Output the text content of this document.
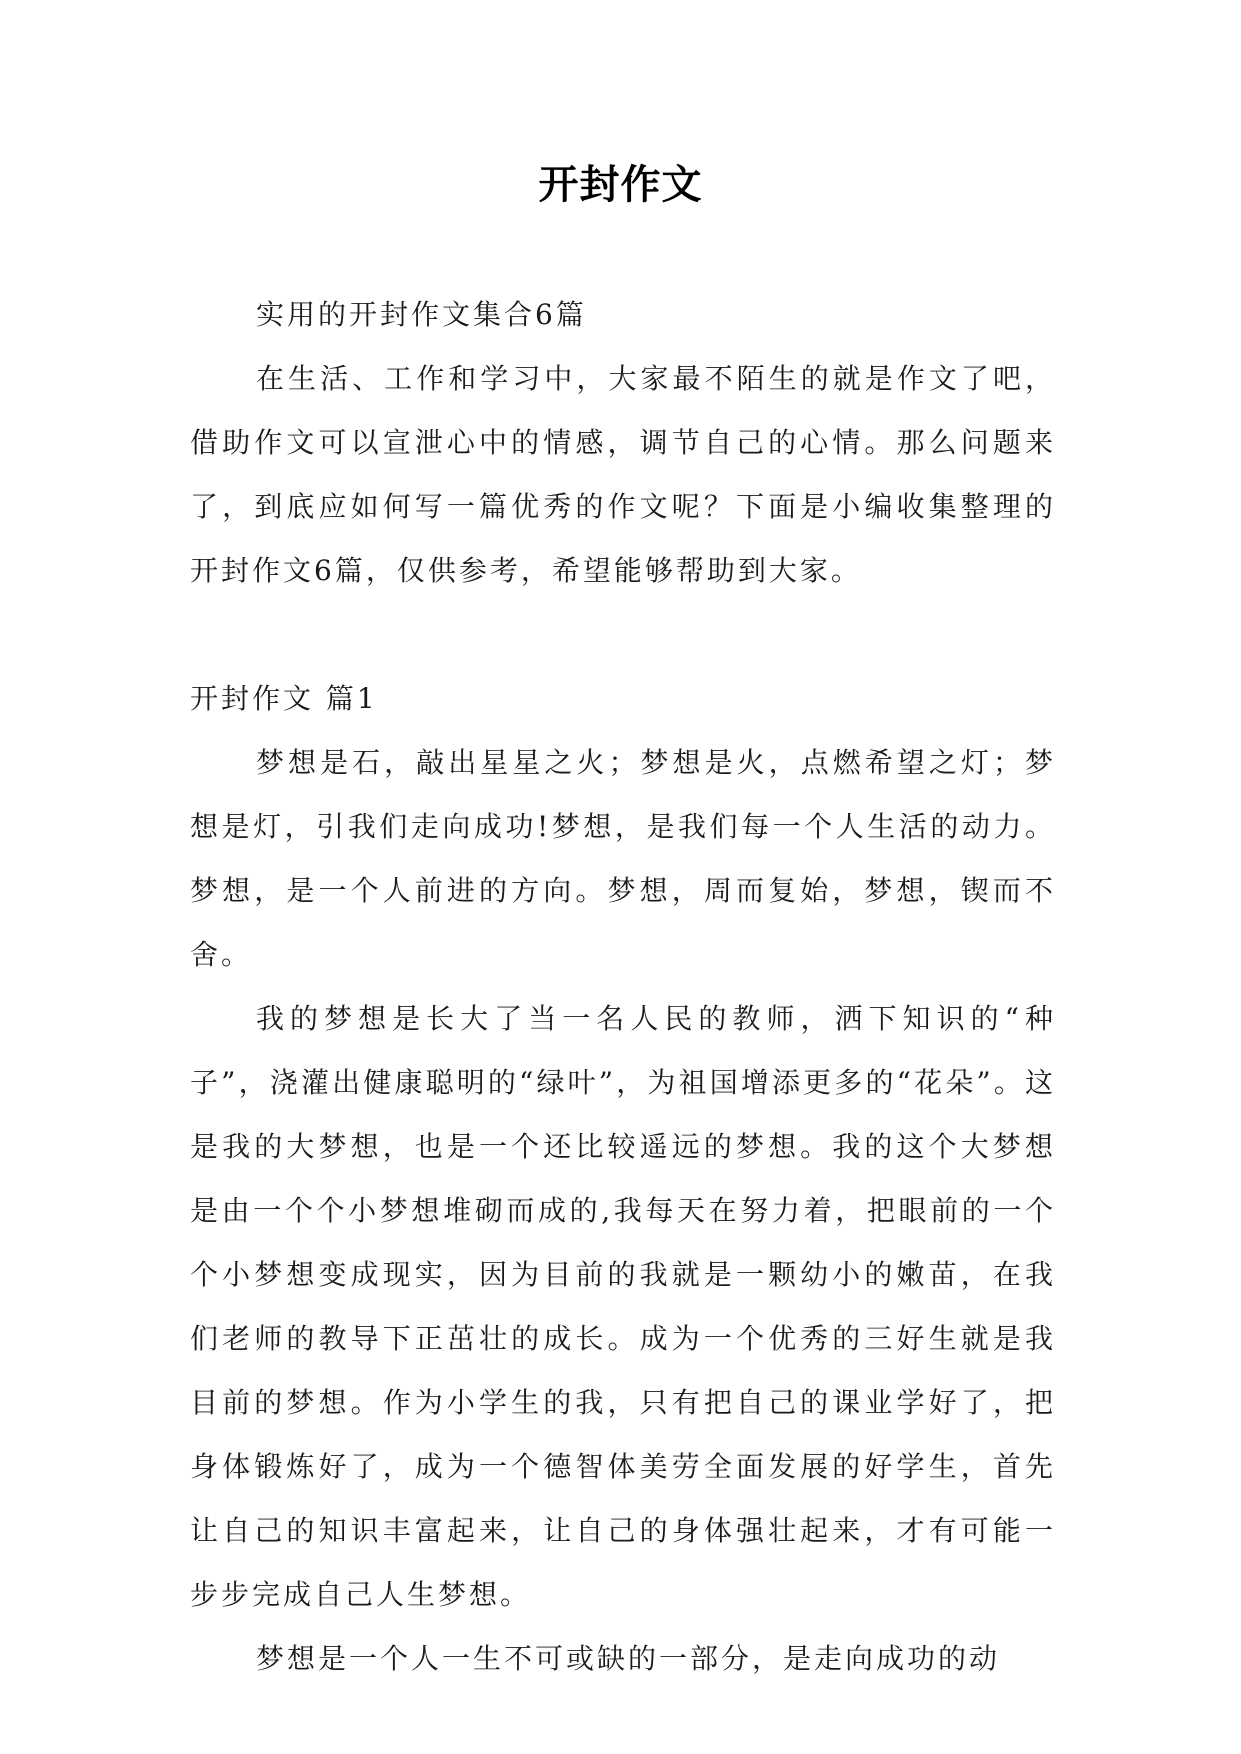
开封作文

实用的开封作文集合6篇

在生活、工作和学习中，大家最不陌生的就是作文了吧，借助作文可以宣泄心中的情感，调节自己的心情。那么问题来了，到底应如何写一篇优秀的作文呢？下面是小编收集整理的开封作文6篇，仅供参考，希望能够帮助到大家。

开封作文 篇1

梦想是石，敲出星星之火；梦想是火，点燃希望之灯；梦想是灯，引我们走向成功!梦想，是我们每一个人生活的动力。梦想，是一个人前进的方向。梦想，周而复始，梦想，锲而不舍。

我的梦想是长大了当一名人民的教师，洒下知识的“种子”，浇灌出健康聪明的“绿叶”，为祖国增添更多的“花朵”。这是我的大梦想，也是一个还比较遥远的梦想。我的这个大梦想是由一个个小梦想堆砌而成的,我每天在努力着，把眼前的一个个小梦想变成现实，因为目前的我就是一颗幼小的嫩苗，在我们老师的教导下正茁壮的成长。成为一个优秀的三好生就是我目前的梦想。作为小学生的我，只有把自己的课业学好了，把身体锻炼好了，成为一个德智体美劳全面发展的好学生，首先让自己的知识丰富起来，让自己的身体强壮起来，才有可能一步步完成自己人生梦想。

梦想是一个人一生不可或缺的一部分，是走向成功的动
